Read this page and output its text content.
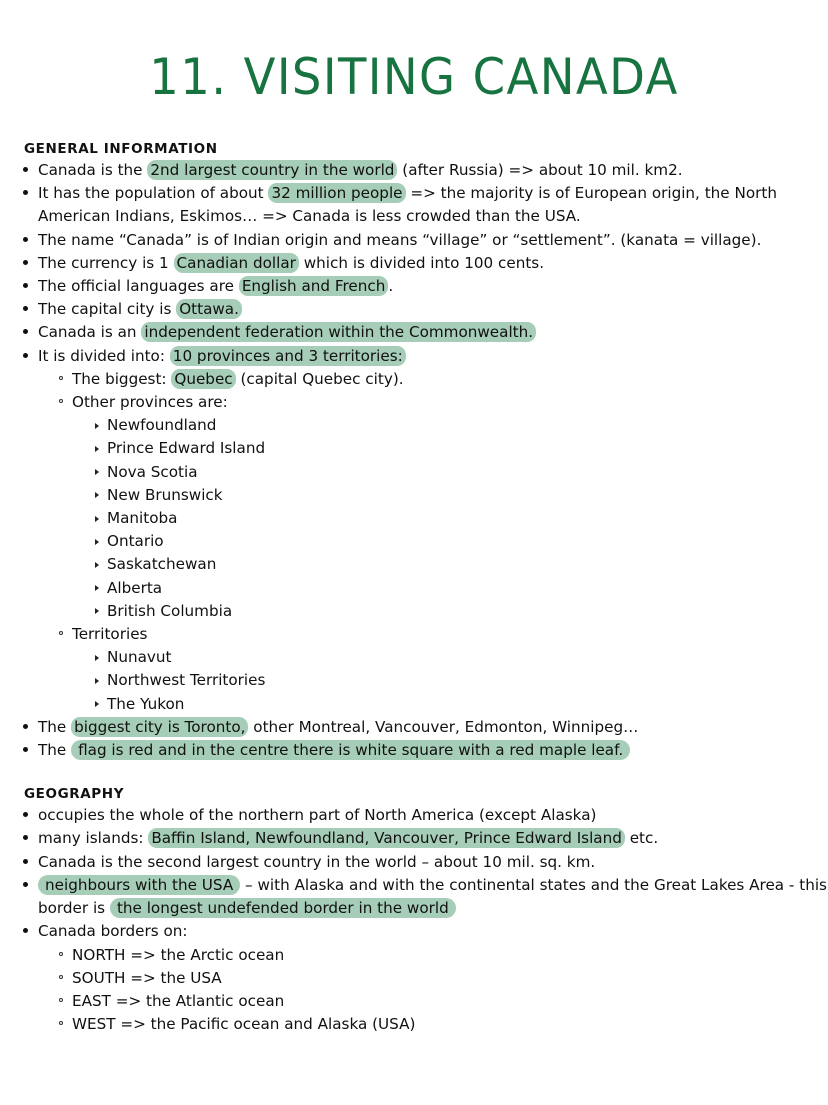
11. VISITING CANADA
GENERAL INFORMATION
Canada is the 2nd largest country in the world (after Russia) => about 10 mil. km2.
It has the population of about 32 million people => the majority is of European origin, the North American Indians, Eskimos… => Canada is less crowded than the USA.
The name “Canada” is of Indian origin and means “village” or “settlement”. (kanata = village).
The currency is 1 Canadian dollar which is divided into 100 cents.
The official languages are English and French .
The capital city is Ottawa.
Canada is an independent federation within the Commonwealth.
It is divided into: 10 provinces and 3 territories:
The biggest: Quebec (capital Quebec city).
Other provinces are:
Newfoundland
Prince Edward Island
Nova Scotia
New Brunswick
Manitoba
Ontario
Saskatchewan
Alberta
British Columbia
Territories
Nunavut
Northwest Territories
The Yukon
The biggest city is Toronto, other Montreal, Vancouver, Edmonton, Winnipeg…
The flag is red and in the centre there is white square with a red maple leaf.
GEOGRAPHY
occupies the whole of the northern part of North America (except Alaska)
many islands: Baffin Island, Newfoundland, Vancouver, Prince Edward Island etc.
Canada is the second largest country in the world – about 10 mil. sq. km.
neighbours with the USA – with Alaska and with the continental states and the Great Lakes Area - this border is the longest undefended border in the world
Canada borders on:
NORTH => the Arctic ocean
SOUTH => the USA
EAST => the Atlantic ocean
WEST => the Pacific ocean and Alaska (USA)
